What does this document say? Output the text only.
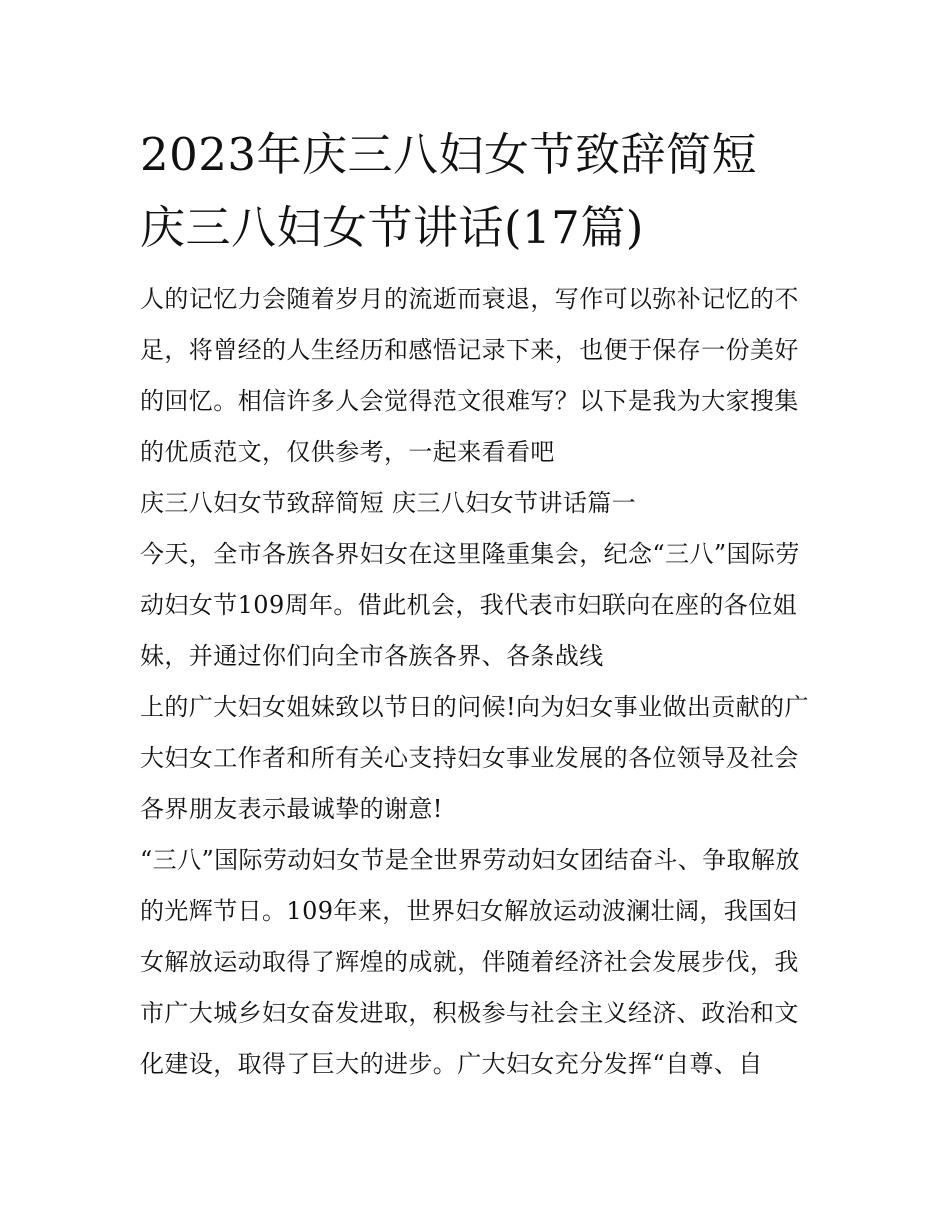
2023年庆三八妇女节致辞简短
庆三八妇女节讲话(17篇)

人的记忆力会随着岁月的流逝而衰退，写作可以弥补记忆的不足，将曾经的人生经历和感悟记录下来，也便于保存一份美好的回忆。相信许多人会觉得范文很难写？以下是我为大家搜集的优质范文，仅供参考，一起来看看吧

庆三八妇女节致辞简短 庆三八妇女节讲话篇一

今天，全市各族各界妇女在这里隆重集会，纪念“三八”国际劳动妇女节109周年。借此机会，我代表市妇联向在座的各位姐妹，并通过你们向全市各族各界、各条战线

上的广大妇女姐妹致以节日的问候!向为妇女事业做出贡献的广大妇女工作者和所有关心支持妇女事业发展的各位领导及社会各界朋友表示最诚挚的谢意!

“三八”国际劳动妇女节是全世界劳动妇女团结奋斗、争取解放的光辉节日。109年来，世界妇女解放运动波澜壮阔，我国妇女解放运动取得了辉煌的成就，伴随着经济社会发展步伐，我市广大城乡妇女奋发进取，积极参与社会主义经济、政治和文化建设，取得了巨大的进步。广大妇女充分发挥“自尊、自
